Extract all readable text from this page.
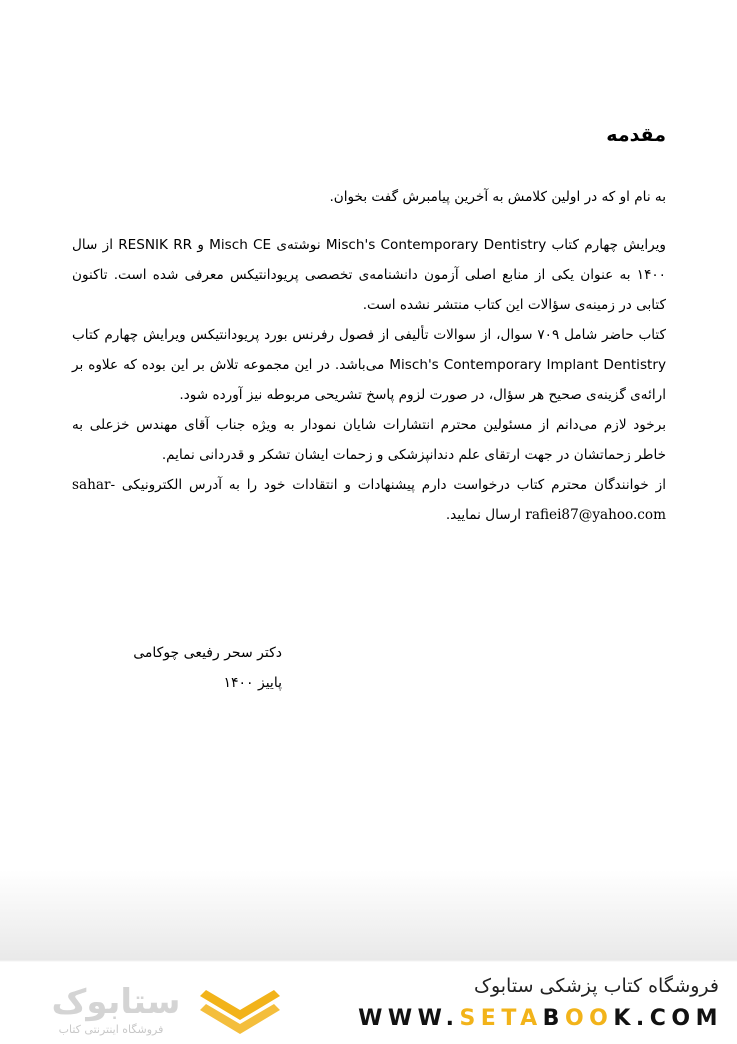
مقدمه

به نام او که در اولین کلامش به آخرین پیامبرش گفت بخوان.

ویرایش چهارم کتاب Misch's Contemporary Dentistry نوشته‌ی Misch CE و RESNIK RR از سال ۱۴۰۰ به عنوان یکی از منابع اصلی آزمون دانشنامه‌ی تخصصی پریودانتیکس معرفی شده است. تاکنون کتابی در زمینه‌ی سؤالات این کتاب منتشر نشده است.

کتاب حاضر شامل ۷۰۹ سوال، از سوالات تألیفی از فصول رفرنس بورد پریودانتیکس ویرایش چهارم کتاب Misch's Contemporary Implant Dentistry می‌باشد. در این مجموعه تلاش بر این بوده که علاوه بر ارائه‌ی گزینه‌ی صحیح هر سؤال، در صورت لزوم پاسخ تشریحی مربوطه نیز آورده شود.

برخود لازم می‌دانم از مسئولین محترم انتشارات شایان نمودار به ویژه جناب آقای مهندس خزعلی به خاطر زحماتشان در جهت ارتقای علم دندانپزشکی و زحمات ایشان تشکر و قدردانی نمایم.

از خوانندگان محترم کتاب درخواست دارم پیشنهادات و انتقادات خود را به آدرس الکترونیکی sahar-rafiei87@yahoo.com ارسال نمایید.

دکتر سحر رفیعی چوکامی
پاییز ۱۴۰۰
ستابوک
فروشگاه اینترنتی کتاب
فروشگاه کتاب پزشکی ستابوک
WWW.SETABOOK.COM
